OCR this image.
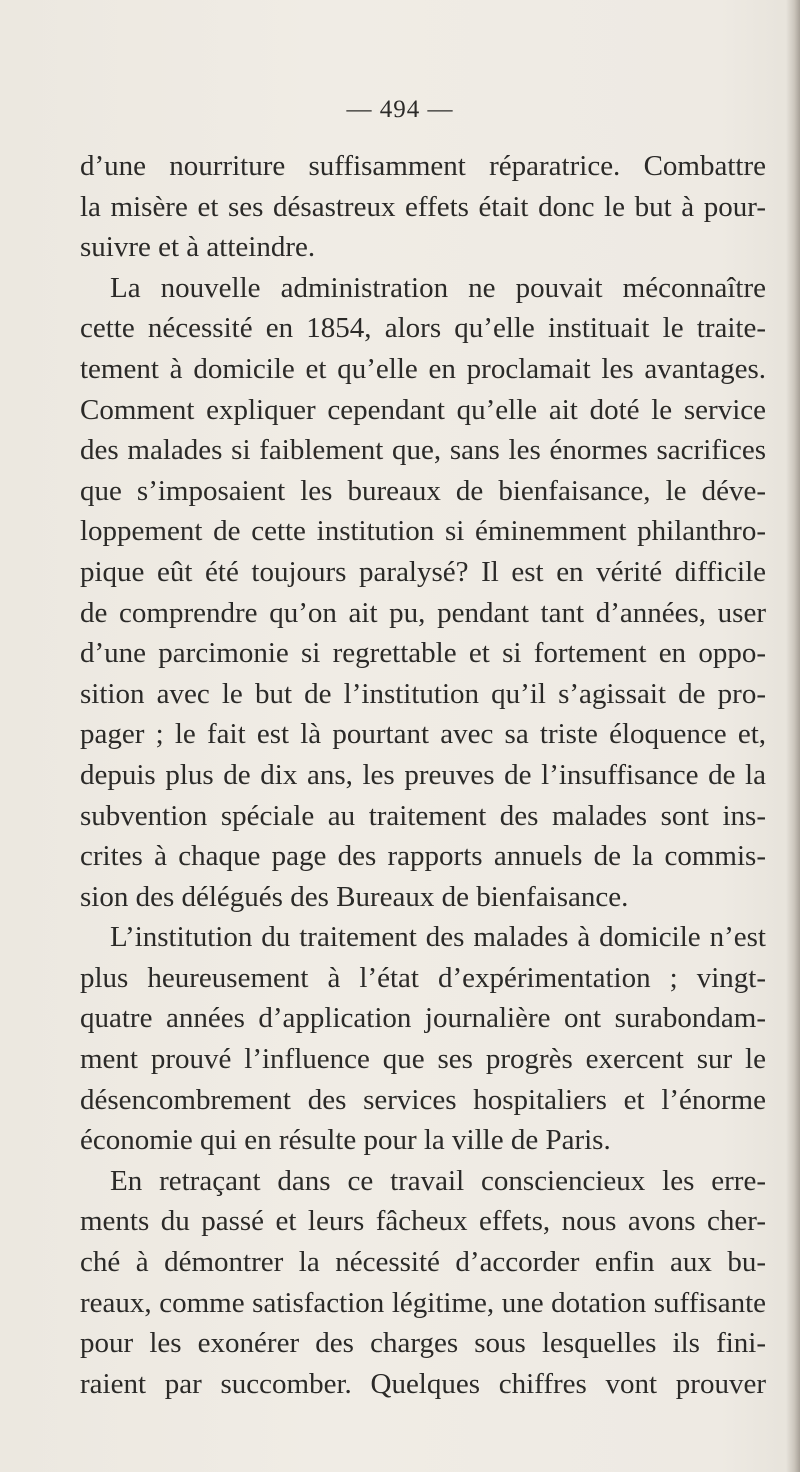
— 494 —
d’une nourriture suffisamment réparatrice. Combattre
la misère et ses désastreux effets était donc le but à pour-
suivre et à atteindre.
La nouvelle administration ne pouvait méconnaître
cette nécessité en 1854, alors qu’elle instituait le traite-
tement à domicile et qu’elle en proclamait les avantages.
Comment expliquer cependant qu’elle ait doté le service
des malades si faiblement que, sans les énormes sacrifices
que s’imposaient les bureaux de bienfaisance, le déve-
loppement de cette institution si éminemment philanthro-
pique eût été toujours paralysé? Il est en vérité difficile
de comprendre qu’on ait pu, pendant tant d’années, user
d’une parcimonie si regrettable et si fortement en oppo-
sition avec le but de l’institution qu’il s’agissait de pro-
pager ; le fait est là pourtant avec sa triste éloquence et,
depuis plus de dix ans, les preuves de l’insuffisance de la
subvention spéciale au traitement des malades sont ins-
crites à chaque page des rapports annuels de la commis-
sion des délégués des Bureaux de bienfaisance.
L’institution du traitement des malades à domicile n’est
plus heureusement à l’état d’expérimentation ; vingt-
quatre années d’application journalière ont surabondam-
ment prouvé l’influence que ses progrès exercent sur le
désencombrement des services hospitaliers et l’énorme
économie qui en résulte pour la ville de Paris.
En retraçant dans ce travail consciencieux les erre-
ments du passé et leurs fâcheux effets, nous avons cher-
ché à démontrer la nécessité d’accorder enfin aux bu-
reaux, comme satisfaction légitime, une dotation suffisante
pour les exonérer des charges sous lesquelles ils fini-
raient par succomber. Quelques chiffres vont prouver
